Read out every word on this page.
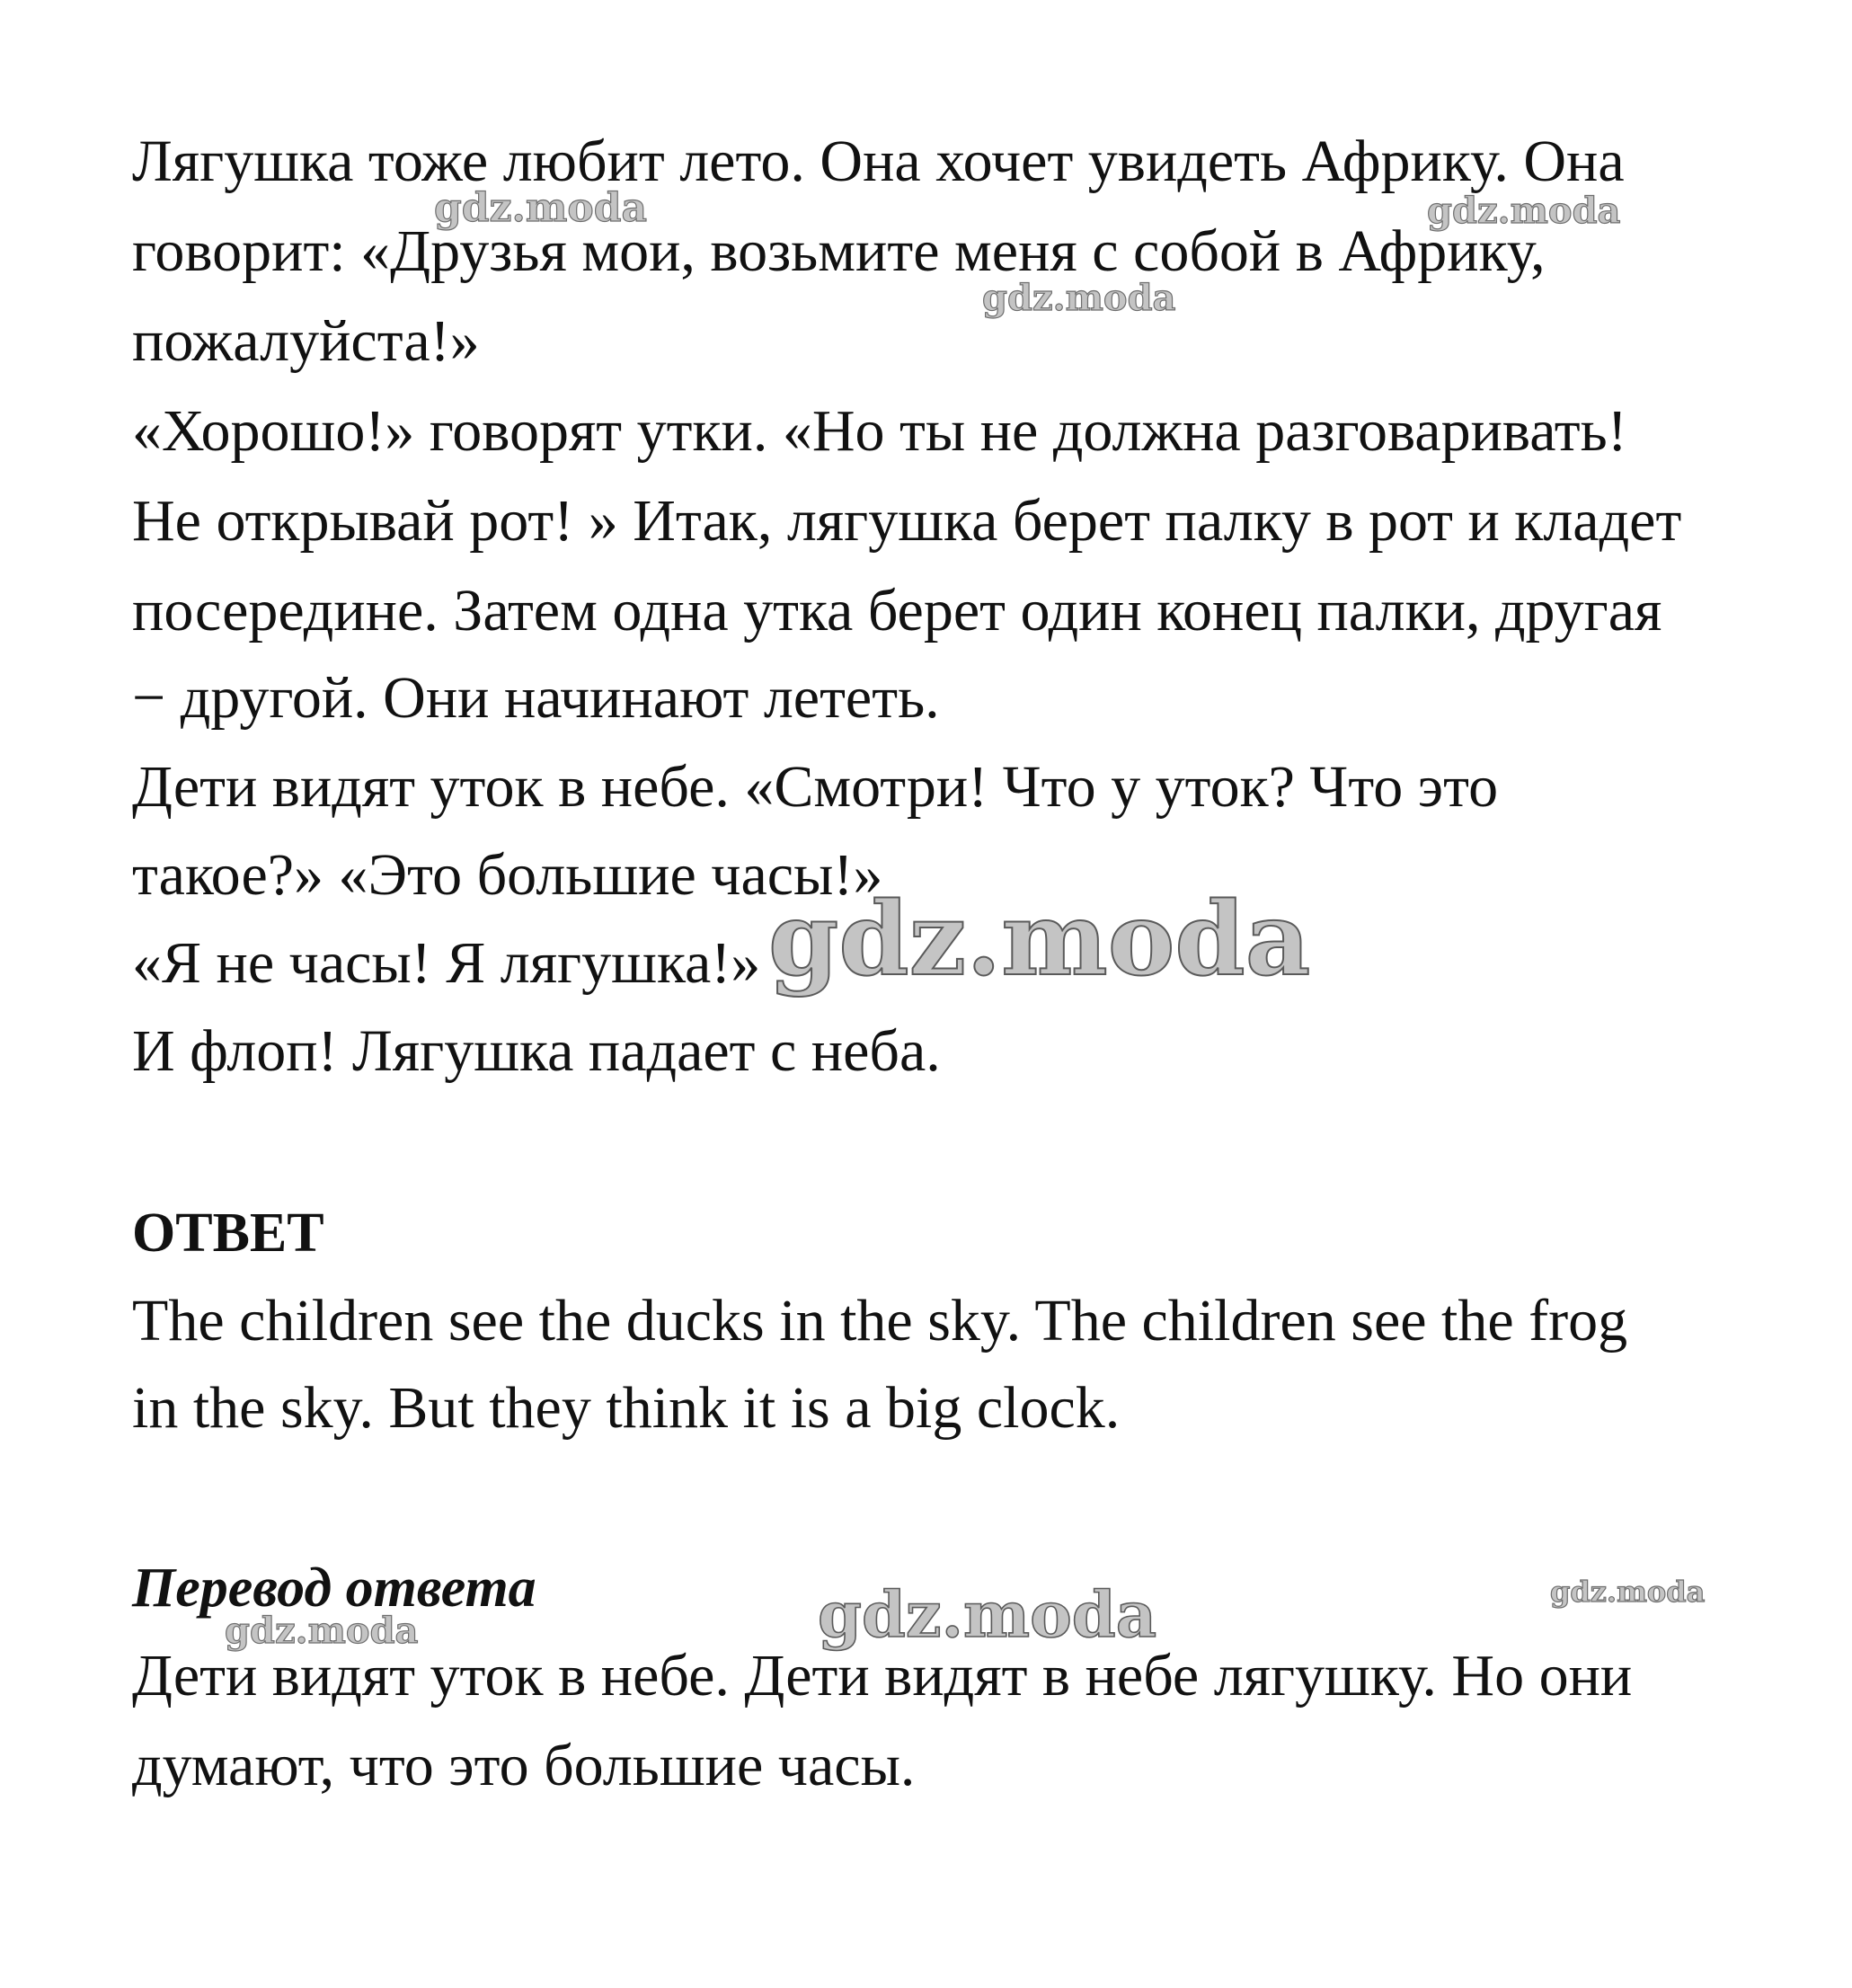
Лягушка тоже любит лето. Она хочет увидеть Африку. Она

говорит: «Друзья мои, возьмите меня с собой в Африку,

пожалуйста!»

«Хорошо!» говорят утки. «Но ты не должна разговаривать!

Не открывай рот! » Итак, лягушка берет палку в рот и кладет

посередине. Затем одна утка берет один конец палки, другая

− другой. Они начинают лететь.

Дети видят уток в небе. «Смотри! Что у уток? Что это

такое?» «Это большие часы!»

«Я не часы! Я лягушка!»

И флоп! Лягушка падает с неба.

ОТВЕТ

The children see the ducks in the sky. The children see the frog

in the sky. But they think it is a big clock.

Перевод ответа

Дети видят уток в небе. Дети видят в небе лягушку. Но они

думают, что это большие часы.

gdz.moda	gdz.moda
gdz.moda
gdz.moda
gdz.moda
gdz.moda
gdz.moda
